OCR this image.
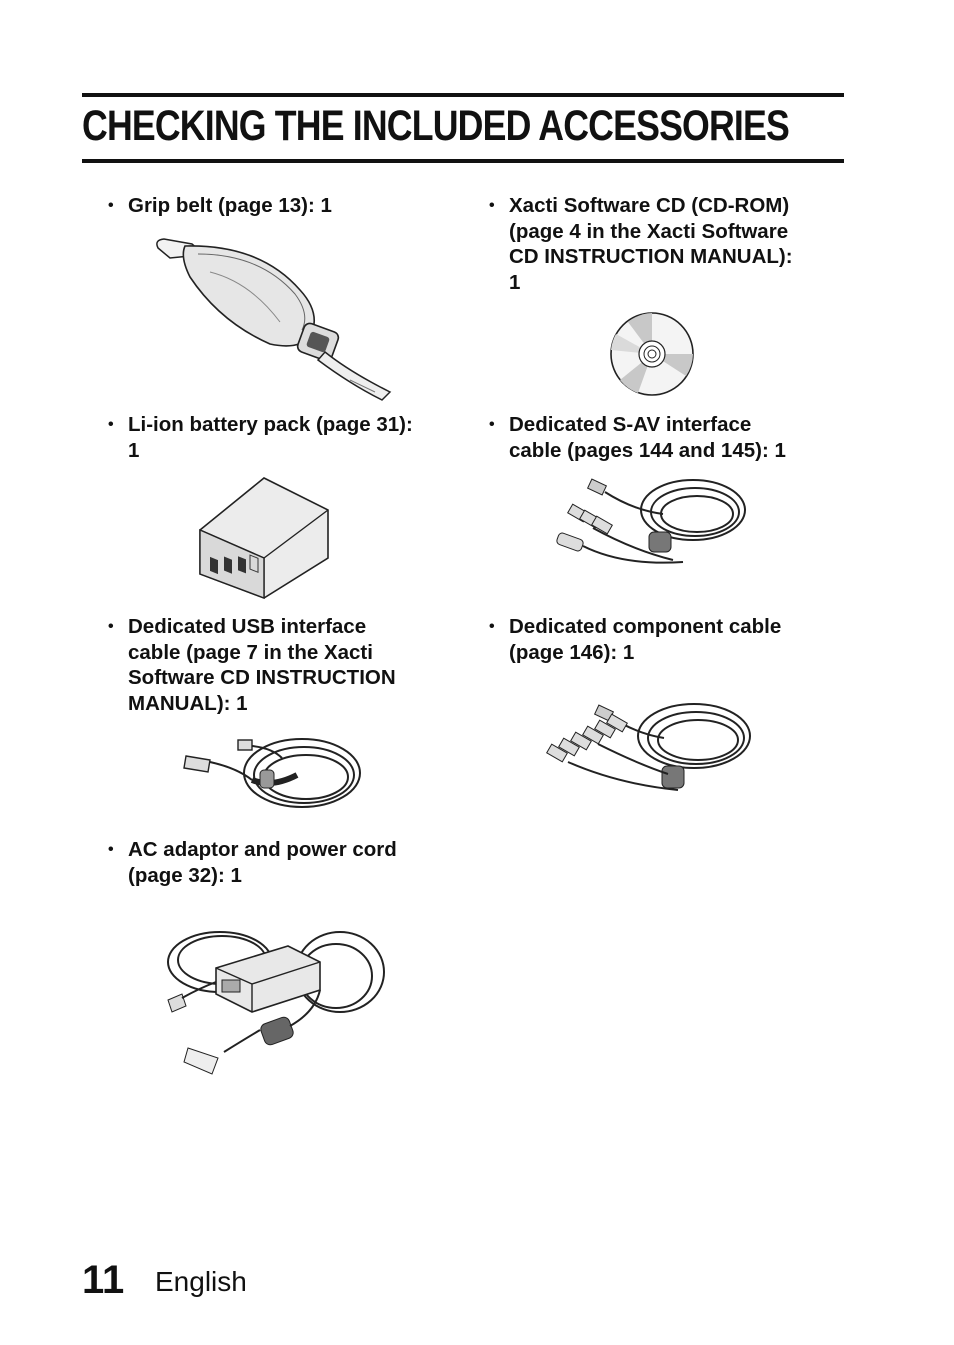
CHECKING THE INCLUDED ACCESSORIES
• Grip belt (page 13): 1
• Li-ion battery pack (page 31):
1
• Dedicated USB interface
cable (page 7 in the Xacti
Software CD INSTRUCTION
MANUAL): 1
• AC adaptor and power cord
(page 32): 1
• Xacti Software CD (CD-ROM)
(page 4 in the Xacti Software
CD INSTRUCTION MANUAL):
1
• Dedicated S-AV interface
cable (pages 144 and 145): 1
• Dedicated component cable
(page 146): 1
11 English
